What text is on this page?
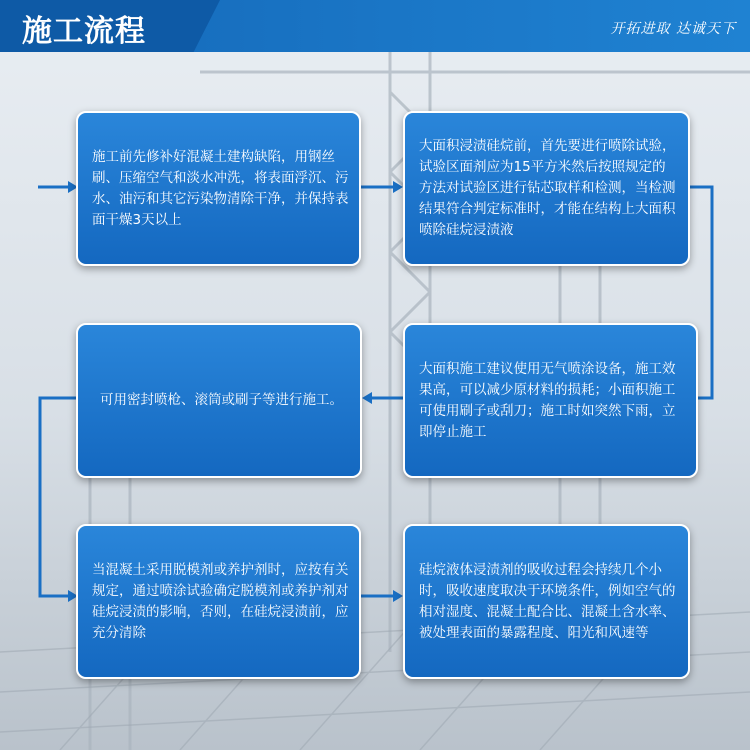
施工流程	开拓进取 达诚天下
施工前先修补好混凝土建构缺陷，用钢丝刷、压缩空气和淡水冲洗，将表面浮沉、污水、油污和其它污染物清除干净，并保持表面干燥3天以上
大面积浸渍硅烷前，首先要进行喷除试验，试验区面剂应为15平方米然后按照规定的方法对试验区进行钻芯取样和检测，当检测结果符合判定标准时，才能在结构上大面积喷除硅烷浸渍液
大面积施工建议使用无气喷涂设备，施工效果高，可以减少原材料的损耗；小面积施工可使用刷子或刮刀；施工时如突然下雨，立即停止施工
可用密封喷枪、滚筒或刷子等进行施工。
当混凝土采用脱模剂或养护剂时，应按有关规定，通过喷涂试验确定脱模剂或养护剂对硅烷浸渍的影响，否则，在硅烷浸渍前，应充分清除
硅烷液体浸渍剂的吸收过程会持续几个小时，吸收速度取决于环境条件，例如空气的相对湿度、混凝土配合比、混凝土含水率、被处理表面的暴露程度、阳光和风速等
